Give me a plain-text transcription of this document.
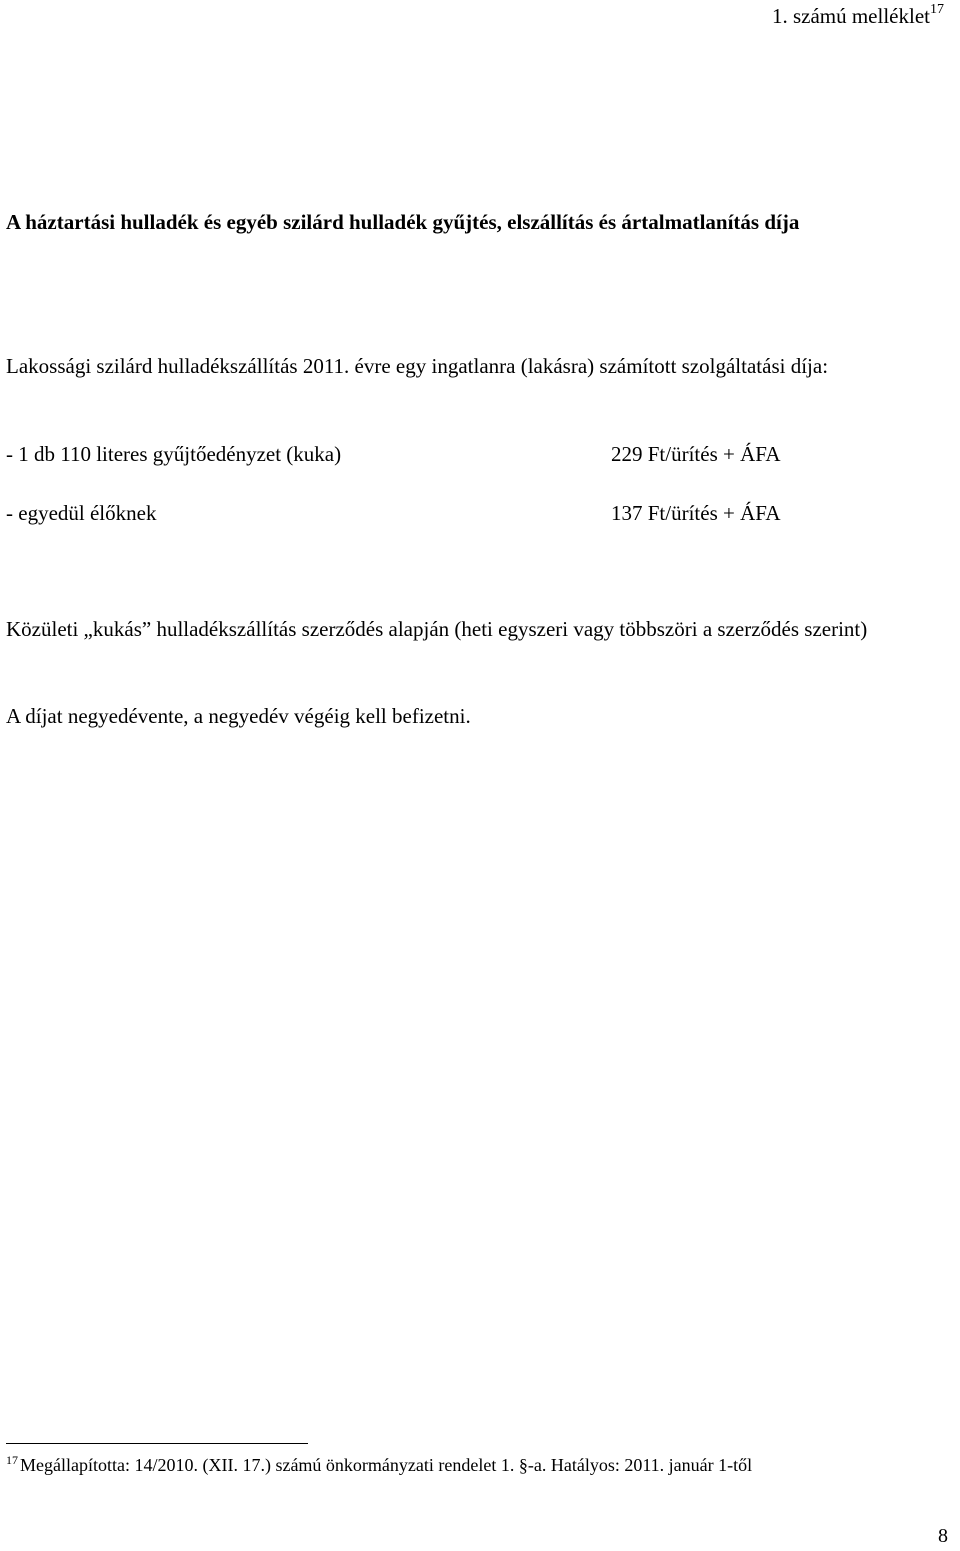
1. számú melléklet$^{17}$
A háztartási hulladék és egyéb szilárd hulladék gyűjtés, elszállítás és ártalmatlanítás díja
Lakossági szilárd hulladékszállítás 2011. évre egy ingatlanra (lakásra) számított szolgáltatási díja:
- 1 db 110 literes gyűjtőedényzet (kuka)	229 Ft/ürítés + ÁFA
- egyedül élőknek	137 Ft/ürítés + ÁFA
Közületi „kukás” hulladékszállítás szerződés alapján (heti egyszeri vagy többszöri a szerződés szerint)
A díjat negyedévente, a negyedév végéig kell befizetni.
$^{17}$ Megállapította: 14/2010. (XII. 17.) számú önkormányzati rendelet 1. §-a. Hatályos: 2011. január 1-től
8
